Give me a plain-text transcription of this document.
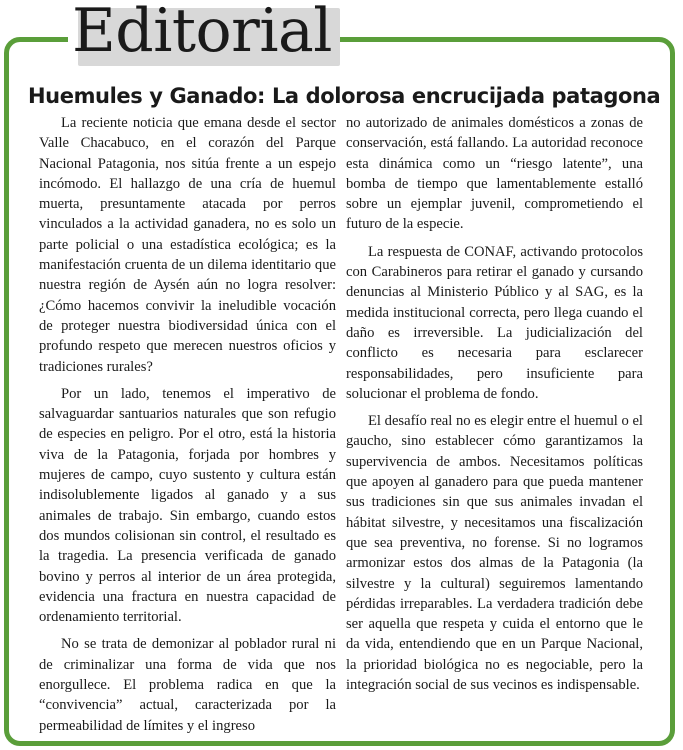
Editorial
Huemules y Ganado: La dolorosa encrucijada patagona

La reciente noticia que emana desde el sector Valle Chacabuco, en el corazón del Parque Nacional Patagonia, nos sitúa frente a un espejo incómodo. El hallazgo de una cría de huemul muerta, presuntamente atacada por perros vinculados a la actividad ganadera, no es solo un parte policial o una estadística ecológica; es la manifestación cruenta de un dilema identitario que nuestra región de Aysén aún no logra resolver: ¿Cómo hacemos convivir la ineludible vocación de proteger nuestra biodiversidad única con el profundo respeto que merecen nuestros oficios y tradiciones rurales?

Por un lado, tenemos el imperativo de salvaguardar santuarios naturales que son refugio de especies en peligro. Por el otro, está la historia viva de la Patagonia, forjada por hombres y mujeres de campo, cuyo sustento y cultura están indisolublemente ligados al ganado y a sus animales de trabajo. Sin embargo, cuando estos dos mundos colisionan sin control, el resultado es la tragedia. La presencia verificada de ganado bovino y perros al interior de un área protegida, evidencia una fractura en nuestra capacidad de ordenamiento territorial.

No se trata de demonizar al poblador rural ni de criminalizar una forma de vida que nos enorgullece. El problema radica en que la “convivencia” actual, caracterizada por la permeabilidad de límites y el ingreso

no autorizado de animales domésticos a zonas de conservación, está fallando. La autoridad reconoce esta dinámica como un “riesgo latente”, una bomba de tiempo que lamentablemente estalló sobre un ejemplar juvenil, comprometiendo el futuro de la especie.

La respuesta de CONAF, activando protocolos con Carabineros para retirar el ganado y cursando denuncias al Ministerio Público y al SAG, es la medida institucional correcta, pero llega cuando el daño es irreversible. La judicialización del conflicto es necesaria para esclarecer responsabilidades, pero insuficiente para solucionar el problema de fondo.

El desafío real no es elegir entre el huemul o el gaucho, sino establecer cómo garantizamos la supervivencia de ambos. Necesitamos políticas que apoyen al ganadero para que pueda mantener sus tradiciones sin que sus animales invadan el hábitat silvestre, y necesitamos una fiscalización que sea preventiva, no forense. Si no logramos armonizar estos dos almas de la Patagonia (la silvestre y la cultural) seguiremos lamentando pérdidas irreparables. La verdadera tradición debe ser aquella que respeta y cuida el entorno que le da vida, entendiendo que en un Parque Nacional, la prioridad biológica no es negociable, pero la integración social de sus vecinos es indispensable.
